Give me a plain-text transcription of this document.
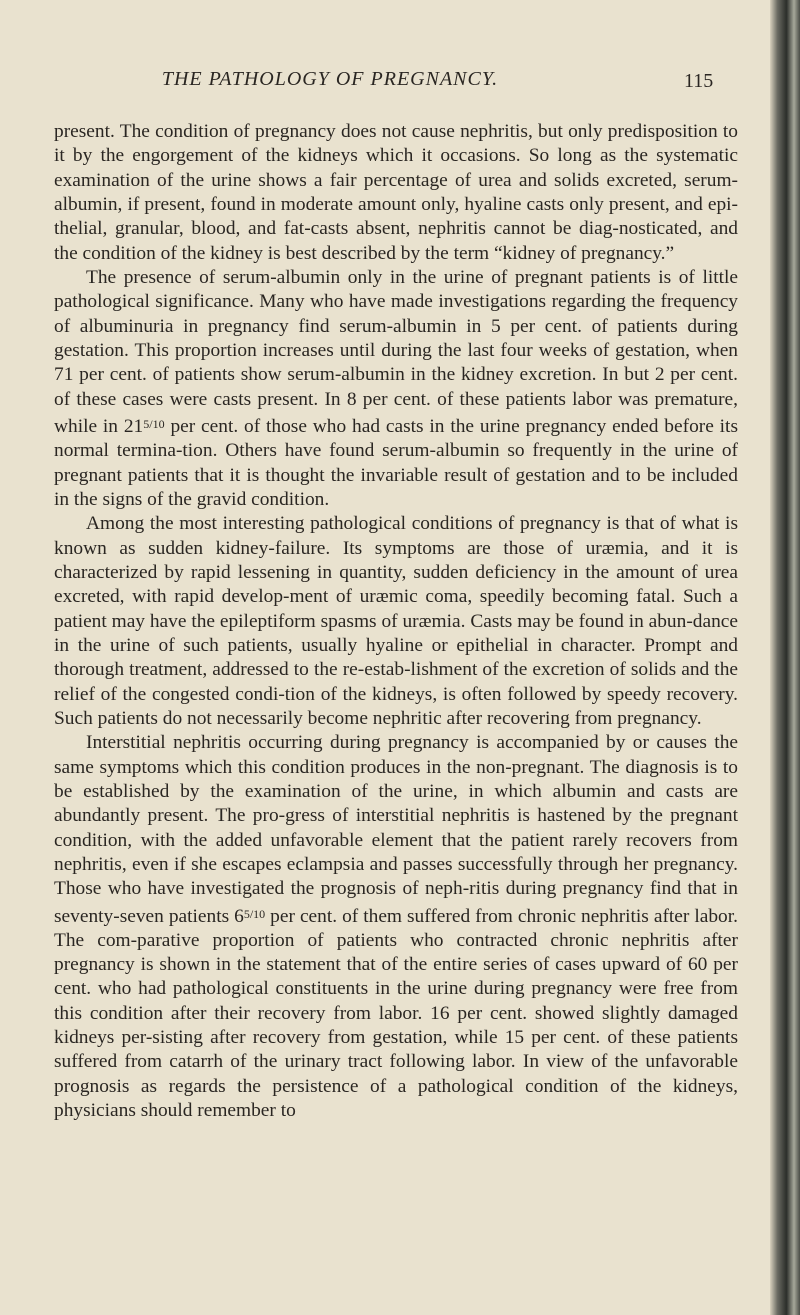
THE PATHOLOGY OF PREGNANCY.	115

present. The condition of pregnancy does not cause nephritis, but only predisposition to it by the engorgement of the kidneys which it occasions. So long as the systematic examination of the urine shows a fair percentage of urea and solids excreted, serum-albumin, if present, found in moderate amount only, hyaline casts only present, and epi-thelial, granular, blood, and fat-casts absent, nephritis cannot be diag-nosticated, and the condition of the kidney is best described by the term “kidney of pregnancy.”

The presence of serum-albumin only in the urine of pregnant patients is of little pathological significance. Many who have made investigations regarding the frequency of albuminuria in pregnancy find serum-albumin in 5 per cent. of patients during gestation. This proportion increases until during the last four weeks of gestation, when 71 per cent. of patients show serum-albumin in the kidney excretion. In but 2 per cent. of these cases were casts present. In 8 per cent. of these patients labor was premature, while in $21^{5/10}$ per cent. of those who had casts in the urine pregnancy ended before its normal termina-tion. Others have found serum-albumin so frequently in the urine of pregnant patients that it is thought the invariable result of gestation and to be included in the signs of the gravid condition.

Among the most interesting pathological conditions of pregnancy is that of what is known as sudden kidney-failure. Its symptoms are those of uræmia, and it is characterized by rapid lessening in quantity, sudden deficiency in the amount of urea excreted, with rapid develop-ment of uræmic coma, speedily becoming fatal. Such a patient may have the epileptiform spasms of uræmia. Casts may be found in abun-dance in the urine of such patients, usually hyaline or epithelial in character. Prompt and thorough treatment, addressed to the re-estab-lishment of the excretion of solids and the relief of the congested condi-tion of the kidneys, is often followed by speedy recovery. Such patients do not necessarily become nephritic after recovering from pregnancy.

Interstitial nephritis occurring during pregnancy is accompanied by or causes the same symptoms which this condition produces in the non-pregnant. The diagnosis is to be established by the examination of the urine, in which albumin and casts are abundantly present. The pro-gress of interstitial nephritis is hastened by the pregnant condition, with the added unfavorable element that the patient rarely recovers from nephritis, even if she escapes eclampsia and passes successfully through her pregnancy. Those who have investigated the prognosis of neph-ritis during pregnancy find that in seventy-seven patients $6^{5/10}$ per cent. of them suffered from chronic nephritis after labor. The com-parative proportion of patients who contracted chronic nephritis after pregnancy is shown in the statement that of the entire series of cases upward of 60 per cent. who had pathological constituents in the urine during pregnancy were free from this condition after their recovery from labor. 16 per cent. showed slightly damaged kidneys per-sisting after recovery from gestation, while 15 per cent. of these patients suffered from catarrh of the urinary tract following labor. In view of the unfavorable prognosis as regards the persistence of a pathological condition of the kidneys, physicians should remember to
